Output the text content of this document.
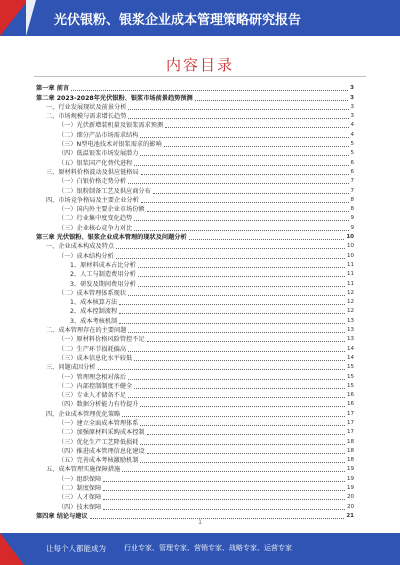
光伏银粉、银浆企业成本管理策略研究报告
内容目录
第一章 前言	3
第二章 2023-2028年光伏银粉、银浆市场前景趋势预测	3
一、行业发展现状及前景分析	3
二、市场规模与需求增长趋势	3
（一）光伏新增装机量及银浆需求预测	4
（二）细分产品市场需求结构	4
（三）N型电池技术对银浆需求的影响	5
（四）低温银浆市场发展潜力	5
（五）银浆国产化替代进程	6
三、原材料价格波动及供应链格局	6
（一）白银价格走势分析	7
（二）银粉制备工艺及供应商分布	7
四、市场竞争格局及主要企业分析	8
（一）国内外主要企业市场份额	8
（二）行业集中度变化趋势	9
（三）企业核心竞争力对比	9
第三章 光伏银粉、银浆企业成本管理的现状及问题分析	10
一、企业成本构成及特点	10
（一）成本结构分析	10
1、原材料成本占比分析	11
2、人工与制造费用分析	11
3、研发及期间费用分析	11
（二）成本管理体系现状	12
1、成本核算方法	12
2、成本控制流程	12
3、成本考核机制	13
二、成本管理存在的主要问题	13
（一）原材料价格风险管控不足	13
（二）生产环节损耗偏高	14
（三）成本信息化水平较低	14
三、问题成因分析	15
（一）管理理念相对落后	15
（二）内部控制制度不健全	15
（三）专业人才储备不足	16
（四）数据分析能力有待提升	16
四、企业成本管理优化策略	17
（一）建立全面成本管理体系	17
（二）加强原材料采购成本控制	17
（三）优化生产工艺降低损耗	18
（四）推进成本管理信息化建设	18
（五）完善成本考核激励机制	18
五、成本管理实施保障措施	19
（一）组织保障	19
（二）制度保障	19
（三）人才保障	20
（四）技术保障	20
第四章 结论与建议	21
1
让每个人都能成为	行业专家、管理专家、营销专家、战略专家、运营专家
